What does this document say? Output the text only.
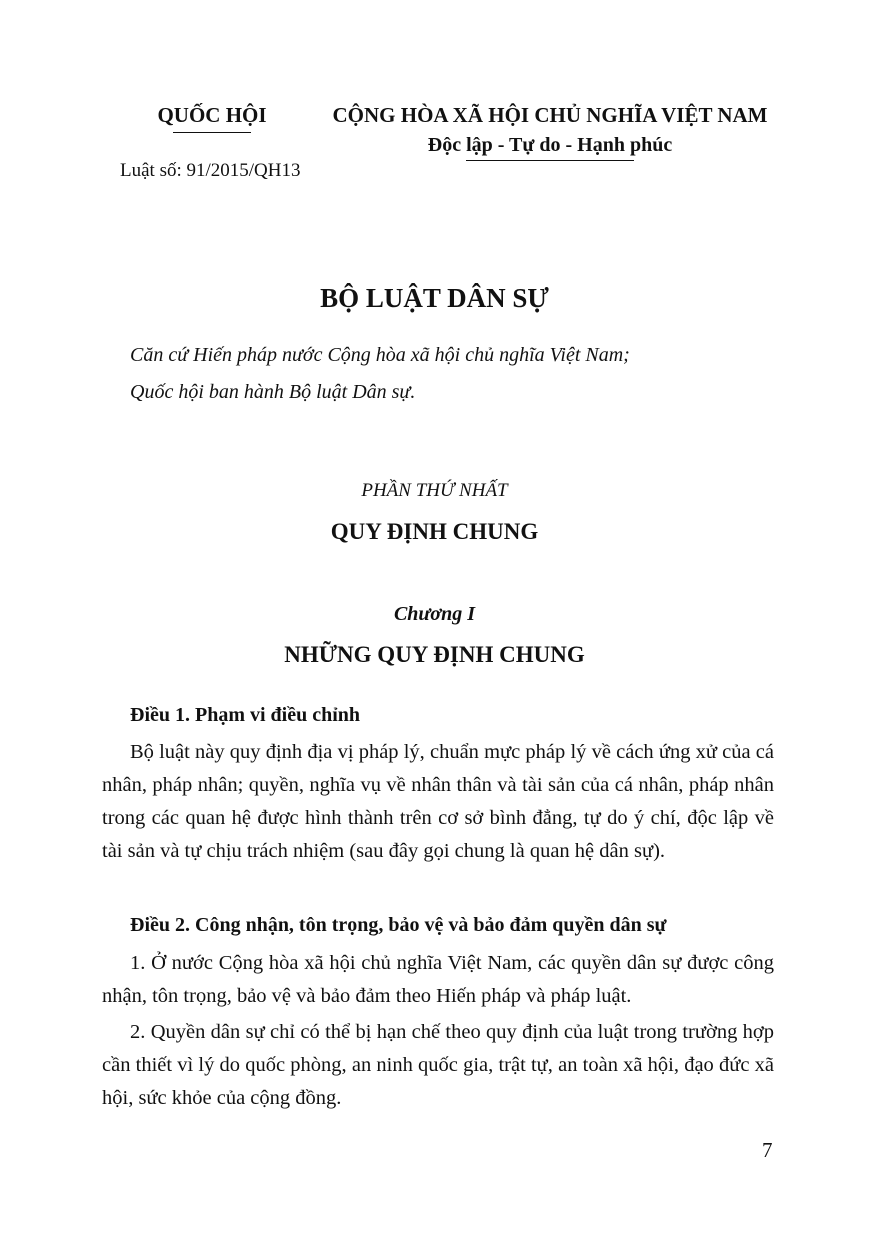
QUỐC HỘI
Luật số: 91/2015/QH13
CỘNG HÒA XÃ HỘI CHỦ NGHĨA VIỆT NAM
Độc lập - Tự do - Hạnh phúc
BỘ LUẬT DÂN SỰ
Căn cứ Hiến pháp nước Cộng hòa xã hội chủ nghĩa Việt Nam;
Quốc hội ban hành Bộ luật Dân sự.
PHẦN THỨ NHẤT
QUY ĐỊNH CHUNG
Chương I
NHỮNG QUY ĐỊNH CHUNG
Điều 1. Phạm vi điều chỉnh
Bộ luật này quy định địa vị pháp lý, chuẩn mực pháp lý về cách ứng xử của cá nhân, pháp nhân; quyền, nghĩa vụ về nhân thân và tài sản của cá nhân, pháp nhân trong các quan hệ được hình thành trên cơ sở bình đẳng, tự do ý chí, độc lập về tài sản và tự chịu trách nhiệm (sau đây gọi chung là quan hệ dân sự).
Điều 2. Công nhận, tôn trọng, bảo vệ và bảo đảm quyền dân sự
1. Ở nước Cộng hòa xã hội chủ nghĩa Việt Nam, các quyền dân sự được công nhận, tôn trọng, bảo vệ và bảo đảm theo Hiến pháp và pháp luật.
2. Quyền dân sự chỉ có thể bị hạn chế theo quy định của luật trong trường hợp cần thiết vì lý do quốc phòng, an ninh quốc gia, trật tự, an toàn xã hội, đạo đức xã hội, sức khỏe của cộng đồng.
7
